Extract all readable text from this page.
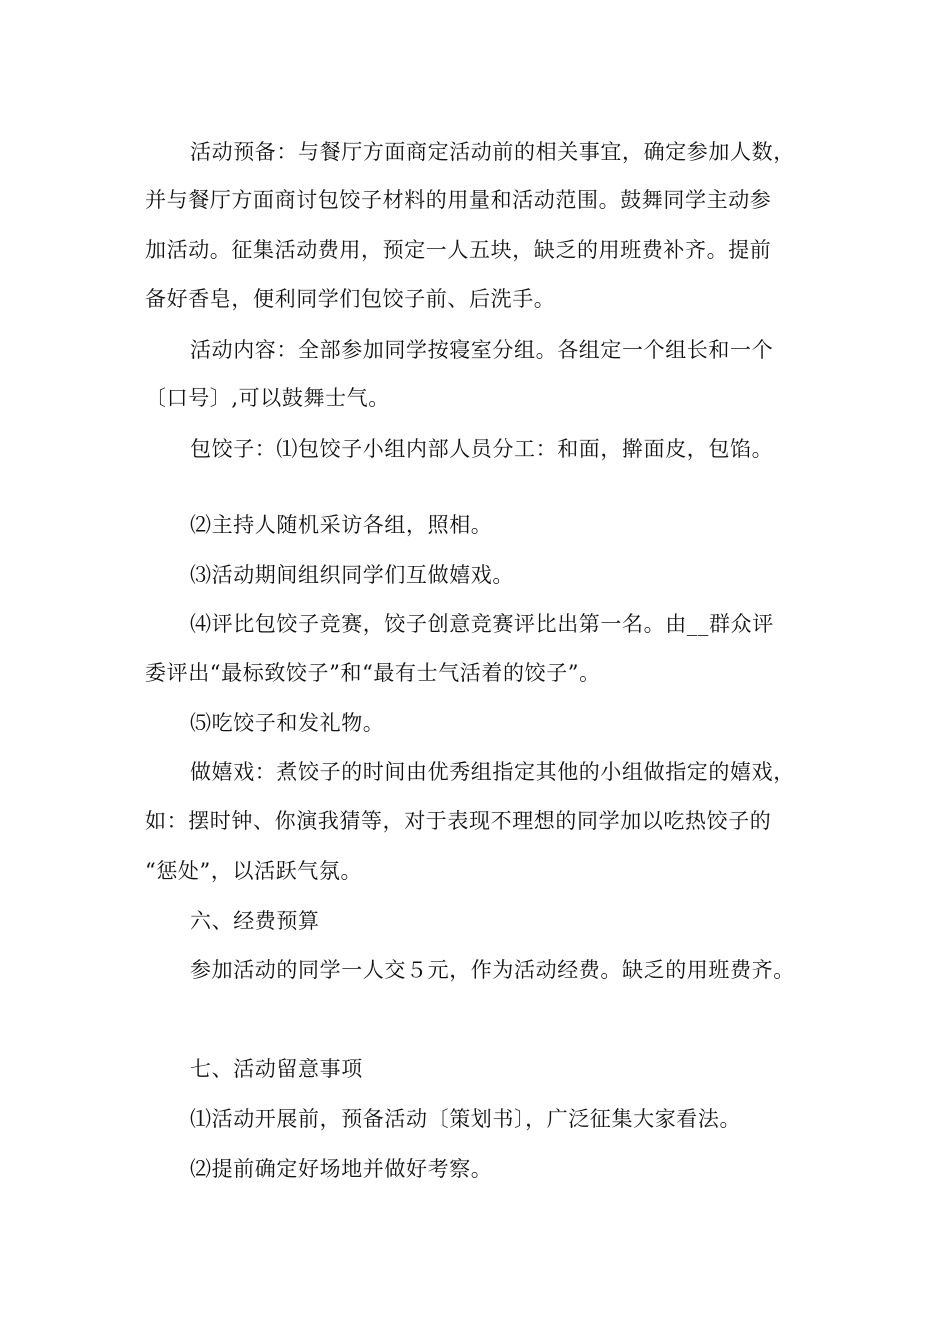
活动预备：与餐厅方面商定活动前的相关事宜，确定参加人数，
并与餐厅方面商讨包饺子材料的用量和活动范围。鼓舞同学主动参
加活动。征集活动费用，预定一人五块，缺乏的用班费补齐。提前
备好香皂，便利同学们包饺子前、后洗手。
活动内容：全部参加同学按寝室分组。各组定一个组长和一个
〔口号〕,可以鼓舞士气。
包饺子：⑴包饺子小组内部人员分工：和面，擀面皮，包馅。
⑵主持人随机采访各组，照相。
⑶活动期间组织同学们互做嬉戏。
⑷评比包饺子竞赛，饺子创意竞赛评比出第一名。由__群众评
委评出“最标致饺子”和“最有士气活着的饺子”。
⑸吃饺子和发礼物。
做嬉戏：煮饺子的时间由优秀组指定其他的小组做指定的嬉戏，
如：摆时钟、你演我猜等，对于表现不理想的同学加以吃热饺子的
“惩处”，以活跃气氛。
六、经费预算
参加活动的同学一人交５元，作为活动经费。缺乏的用班费齐。
七、活动留意事项
⑴活动开展前，预备活动〔策划书〕，广泛征集大家看法。
⑵提前确定好场地并做好考察。
